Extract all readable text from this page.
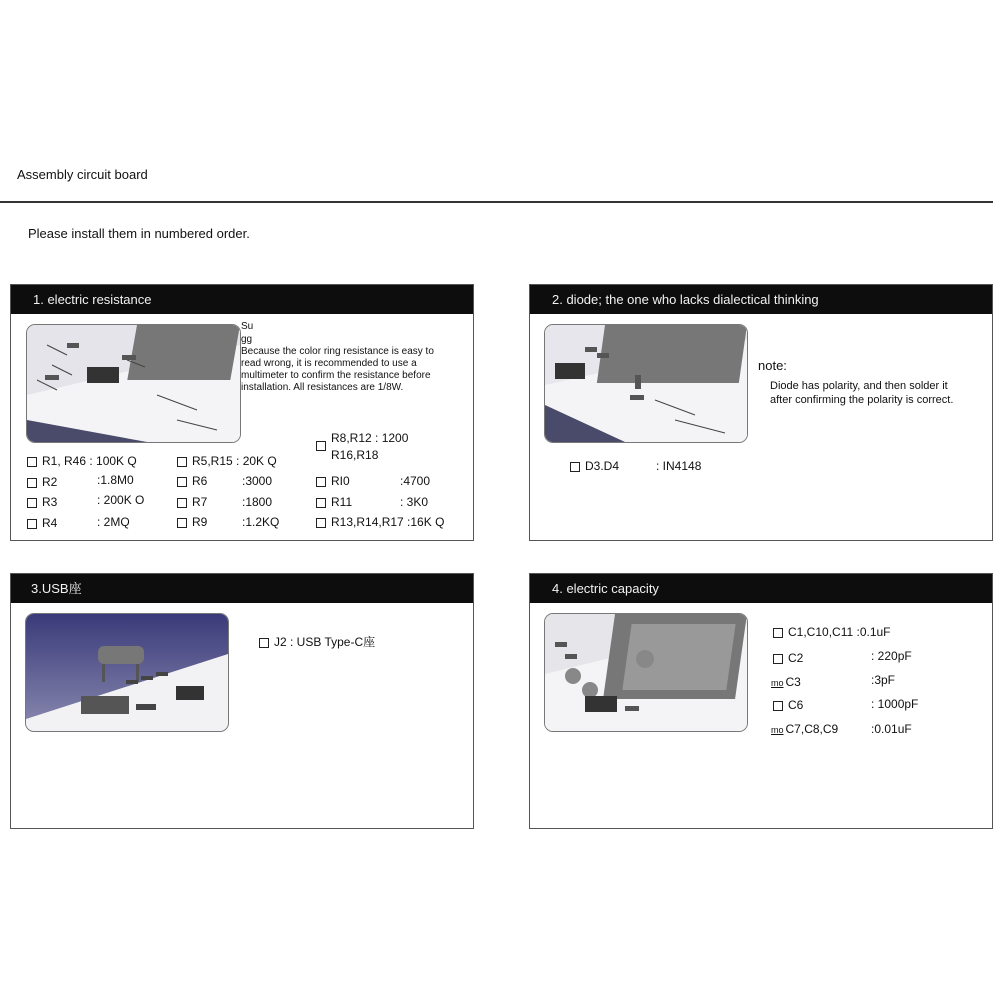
Assembly circuit board
Please install them in numbered order.
1. electric resistance
Su
gg
Because the color ring resistance is easy to
read wrong, it is recommended to use a
multimeter to confirm the resistance before
installation. All resistances are 1/8W.
R1, R46 : 100K Q
R2	:1.8M0
R3	: 200K O
R4	: 2MQ
R5,R15 : 20K Q
R6	:3000
R7	:1800
R9	:1.2KQ
R8,R12 : 1200
R16,R18
RI0	:4700
R11	: 3K0
R13,R14,R17 :16K Q
2. diode; the one who lacks dialectical thinking
note:
Diode has polarity, and then solder it
after confirming the polarity is correct.
D3.D4	: IN4148
3.USB座
J2 : USB Type-C座
4. electric capacity
C1,C10,C11 :0.1uF
C2	: 220pF
mo C3	:3pF
C6	: 1000pF
mo C7,C8,C9	:0.01uF
